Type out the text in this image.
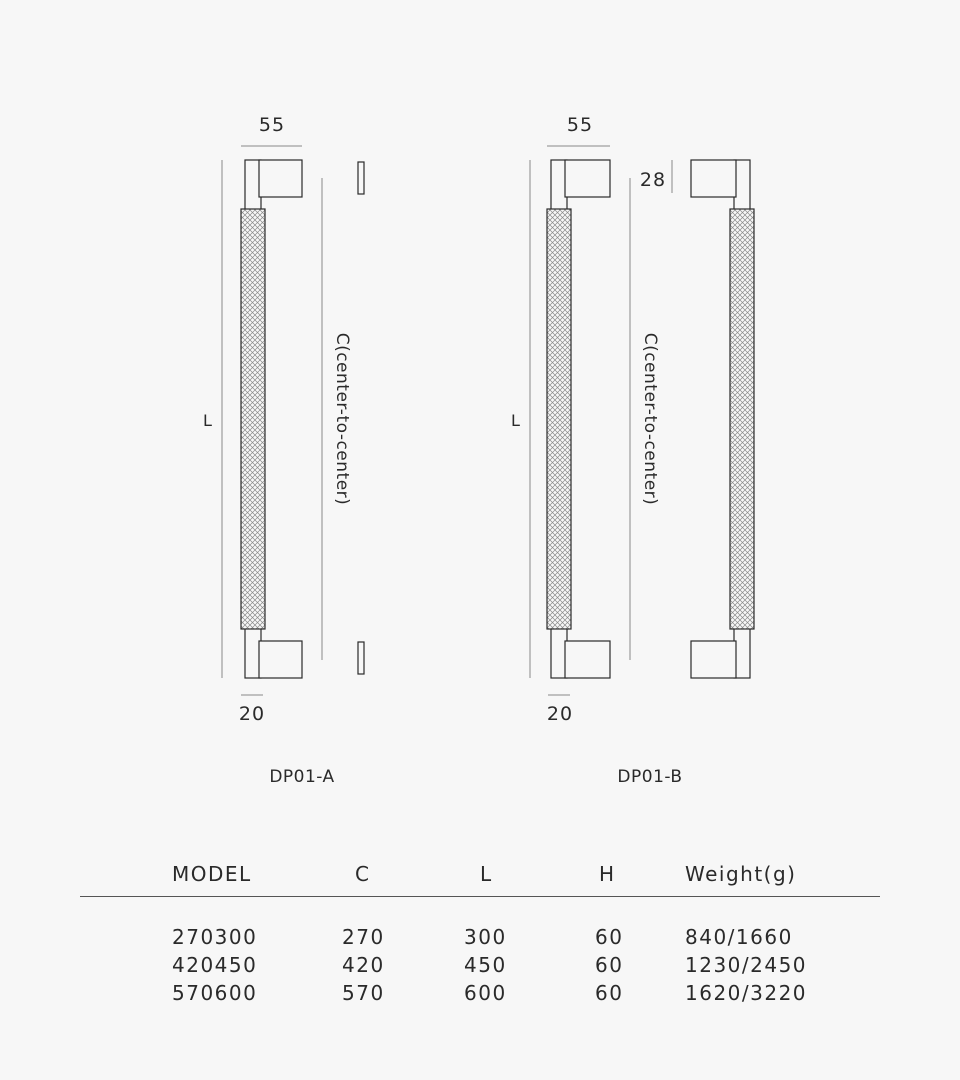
55
L	C(center-to-center)
20
DP01-A
55
L	C(center-to-center)
20
28
DP01-B
MODEL	C	L	H	Weight(g)
270300	270	300	60	840/1660
420450	420	450	60	1230/2450
570600	570	600	60	1620/3220
